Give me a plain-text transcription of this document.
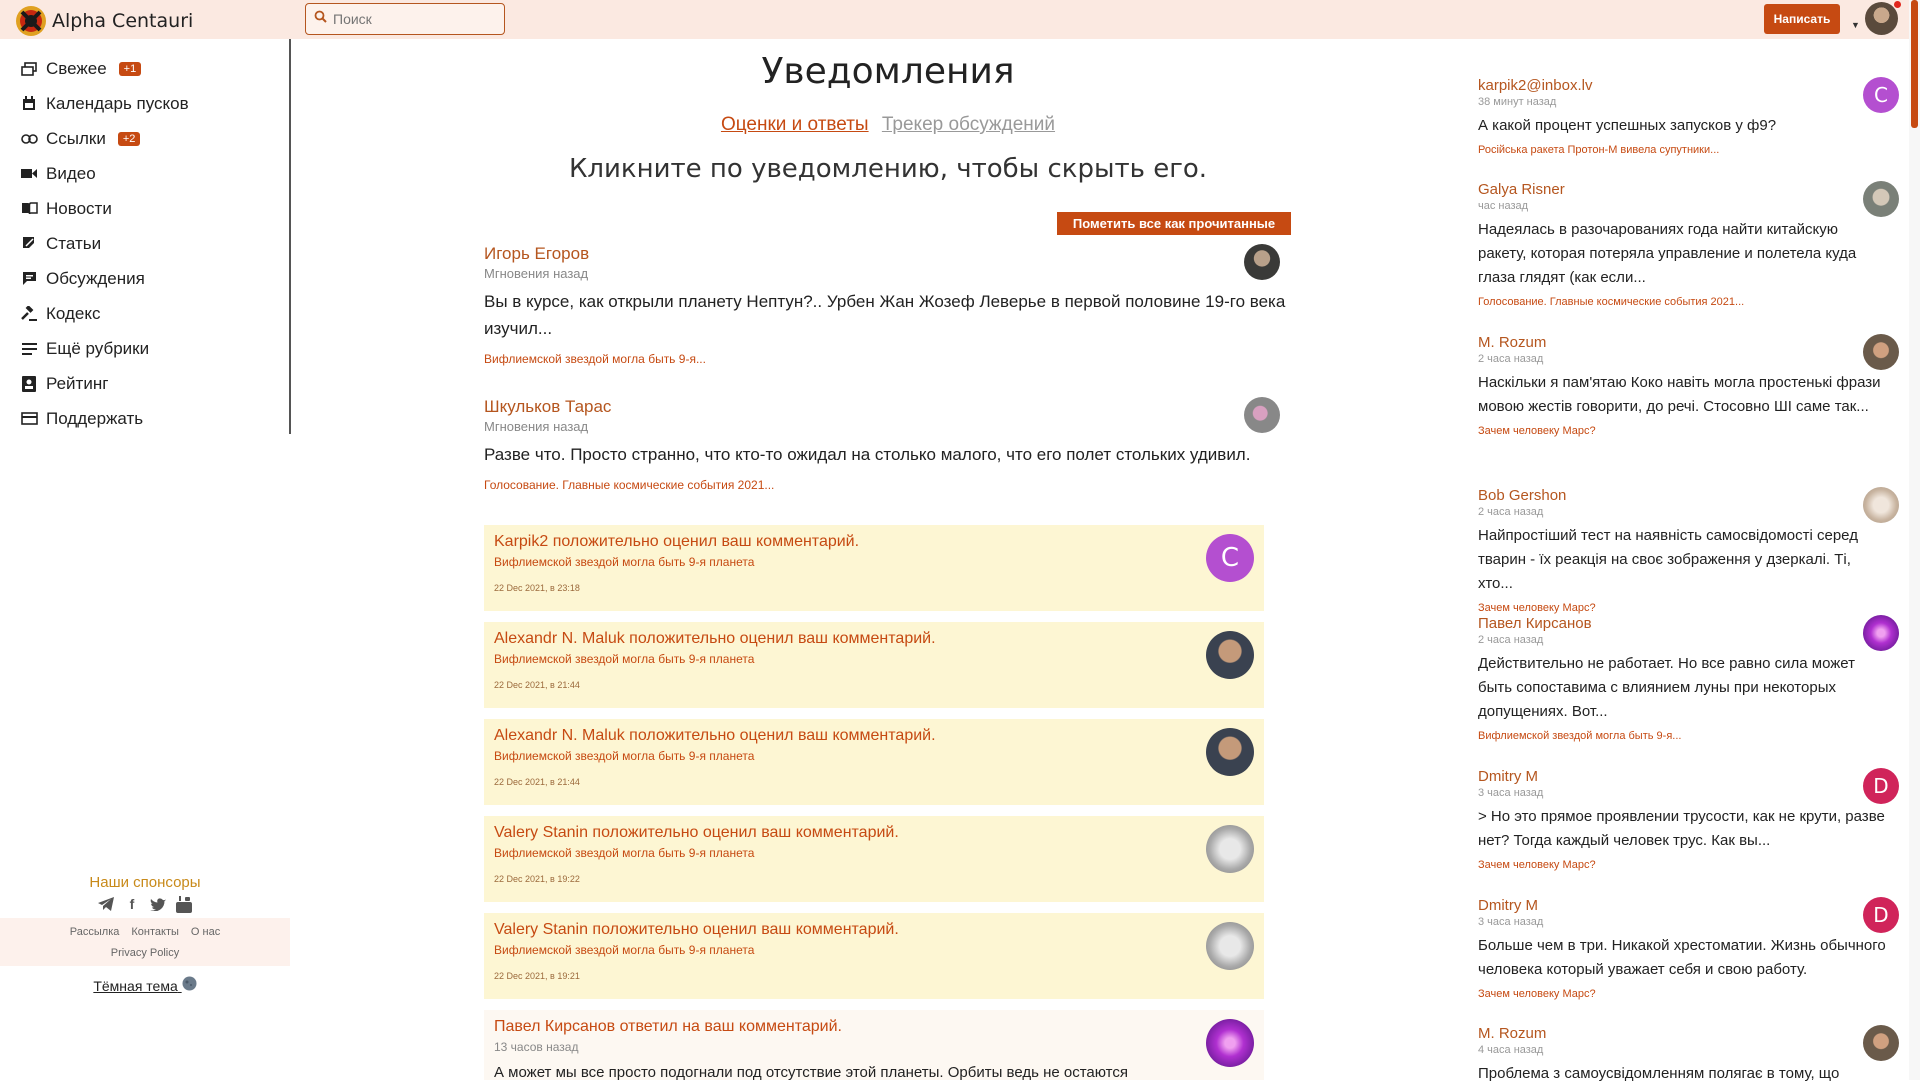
Alpha Centauri
Поиск	Написать	▼
Свежее	+1
Календарь пусков
Ссылки	+2
Видео
Новости
Статьи
Обсуждения
Кодекс
Ещё рубрики
Рейтинг
Поддержать
Наши спонсоры
f
Рассылка Контакты О нас
Privacy Policy
Тёмная тема
Уведомления
Оценки и ответы Трекер обсуждений
Кликните по уведомлению, чтобы скрыть его.
Пометить все как прочитанные
Игорь Егоров
Мгновения назад
Вы в курсе, как открыли планету Нептун?.. Урбен Жан Жозеф Леверье в первой половине 19-го века изучил...
Вифлиемской звездой могла быть 9-я...
Шкульков Тарас
Мгновения назад
Разве что. Просто странно, что кто-то ожидал на столько малого, что его полет стольких удивил.
Голосование. Главные космические события 2021...
Karpik2 положительно оценил ваш комментарий.
Вифлиемской звездой могла быть 9-я планета
22 Dec 2021, в 23:18
C
Alexandr N. Maluk положительно оценил ваш комментарий.
Вифлиемской звездой могла быть 9-я планета
22 Dec 2021, в 21:44
Alexandr N. Maluk положительно оценил ваш комментарий.
Вифлиемской звездой могла быть 9-я планета
22 Dec 2021, в 21:44
Valery Stanin положительно оценил ваш комментарий.
Вифлиемской звездой могла быть 9-я планета
22 Dec 2021, в 19:22
Valery Stanin положительно оценил ваш комментарий.
Вифлиемской звездой могла быть 9-я планета
22 Dec 2021, в 19:21
Павел Кирсанов ответил на ваш комментарий.
13 часов назад
А может мы все просто подогнали под отсутствие этой планеты. Орбиты ведь не остаются
karpik2@inbox.lv
38 минут назад
А какой процент успешных запусков у ф9?
Російська ракета Протон-М вивела супутники...
C
Galya Risner
час назад
Надеялась в разочарованиях года найти китайскую ракету, которая потеряла управление и полетела куда глаза глядят (как если...
Голосование. Главные космические события 2021...
M. Rozum
2 часа назад
Наскільки я пам'ятаю Коко навіть могла простенькі фрази мовою жестів говорити, до речі. Стосовно ШІ саме так...
Зачем человеку Марс?
Bob Gershon
2 часа назад
Найпростіший тест на наявність самосвідомості серед тварин - їх реакція на своє зображення у дзеркалі. Ті, хто...
Зачем человеку Марс?
Павел Кирсанов
2 часа назад
Действительно не работает. Но все равно сила может быть сопоставима с влиянием луны при некоторых допущениях. Вот...
Вифлиемской звездой могла быть 9-я...
Dmitry M
3 часа назад
> Но это прямое проявлении трусости, как не крути, разве нет? Тогда каждый человек трус. Как вы...
Зачем человеку Марс?
D
Dmitry M
3 часа назад
Больше чем в три. Никакой хрестоматии. Жизнь обычного человека который уважает себя и свою работу.
Зачем человеку Марс?
D
M. Rozum
4 часа назад
Проблема з самоусвідомленням полягає в тому, що
